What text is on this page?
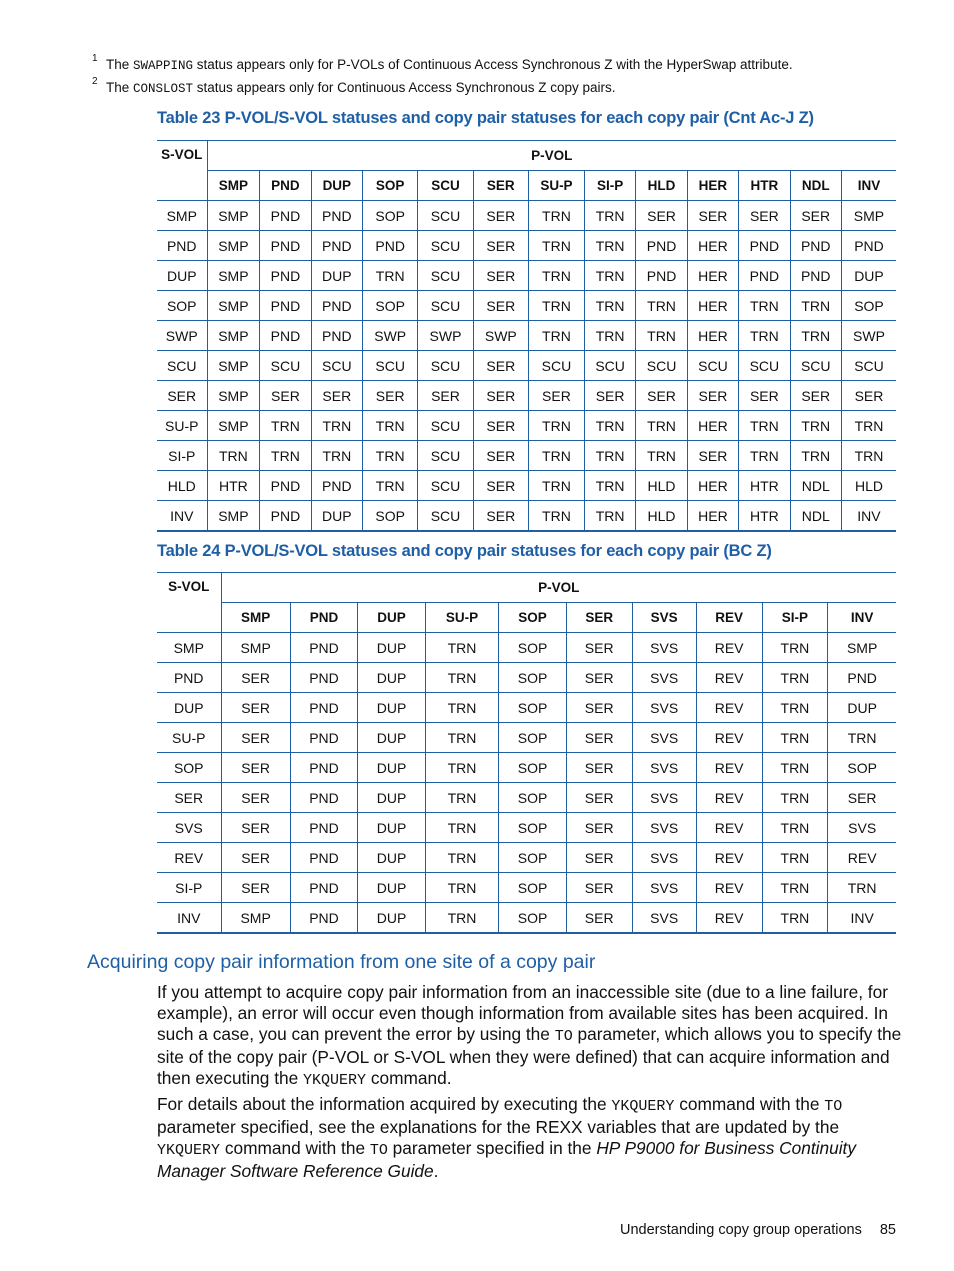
1 The SWAPPING status appears only for P-VOLs of Continuous Access Synchronous Z with the HyperSwap attribute.
2 The CONSLOST status appears only for Continuous Access Synchronous Z copy pairs.
Table 23 P-VOL/S-VOL statuses and copy pair statuses for each copy pair (Cnt Ac-J Z)
S-VOL	P-VOL												
	SMP	PND	DUP	SOP	SCU	SER	SU-P	SI-P	HLD	HER	HTR	NDL	INV
SMP	SMP	PND	PND	SOP	SCU	SER	TRN	TRN	SER	SER	SER	SER	SMP
PND	SMP	PND	PND	PND	SCU	SER	TRN	TRN	PND	HER	PND	PND	PND
DUP	SMP	PND	DUP	TRN	SCU	SER	TRN	TRN	PND	HER	PND	PND	DUP
SOP	SMP	PND	PND	SOP	SCU	SER	TRN	TRN	TRN	HER	TRN	TRN	SOP
SWP	SMP	PND	PND	SWP	SWP	SWP	TRN	TRN	TRN	HER	TRN	TRN	SWP
SCU	SMP	SCU	SCU	SCU	SCU	SER	SCU	SCU	SCU	SCU	SCU	SCU	SCU
SER	SMP	SER	SER	SER	SER	SER	SER	SER	SER	SER	SER	SER	SER
SU-P	SMP	TRN	TRN	TRN	SCU	SER	TRN	TRN	TRN	HER	TRN	TRN	TRN
SI-P	TRN	TRN	TRN	TRN	SCU	SER	TRN	TRN	TRN	SER	TRN	TRN	TRN
HLD	HTR	PND	PND	TRN	SCU	SER	TRN	TRN	HLD	HER	HTR	NDL	HLD
INV	SMP	PND	DUP	SOP	SCU	SER	TRN	TRN	HLD	HER	HTR	NDL	INV
Table 24 P-VOL/S-VOL statuses and copy pair statuses for each copy pair (BC Z)
S-VOL	P-VOL									
	SMP	PND	DUP	SU-P	SOP	SER	SVS	REV	SI-P	INV
SMP	SMP	PND	DUP	TRN	SOP	SER	SVS	REV	TRN	SMP
PND	SER	PND	DUP	TRN	SOP	SER	SVS	REV	TRN	PND
DUP	SER	PND	DUP	TRN	SOP	SER	SVS	REV	TRN	DUP
SU-P	SER	PND	DUP	TRN	SOP	SER	SVS	REV	TRN	TRN
SOP	SER	PND	DUP	TRN	SOP	SER	SVS	REV	TRN	SOP
SER	SER	PND	DUP	TRN	SOP	SER	SVS	REV	TRN	SER
SVS	SER	PND	DUP	TRN	SOP	SER	SVS	REV	TRN	SVS
REV	SER	PND	DUP	TRN	SOP	SER	SVS	REV	TRN	REV
SI-P	SER	PND	DUP	TRN	SOP	SER	SVS	REV	TRN	TRN
INV	SMP	PND	DUP	TRN	SOP	SER	SVS	REV	TRN	INV
Acquiring copy pair information from one site of a copy pair
If you attempt to acquire copy pair information from an inaccessible site (due to a line failure, for example), an error will occur even though information from available sites has been acquired. In such a case, you can prevent the error by using the TO parameter, which allows you to specify the site of the copy pair (P-VOL or S-VOL when they were defined) that can acquire information and then executing the YKQUERY command.
For details about the information acquired by executing the YKQUERY command with the TO parameter specified, see the explanations for the REXX variables that are updated by the YKQUERY command with the TO parameter specified in the HP P9000 for Business Continuity Manager Software Reference Guide.
Understanding copy group operations 85
